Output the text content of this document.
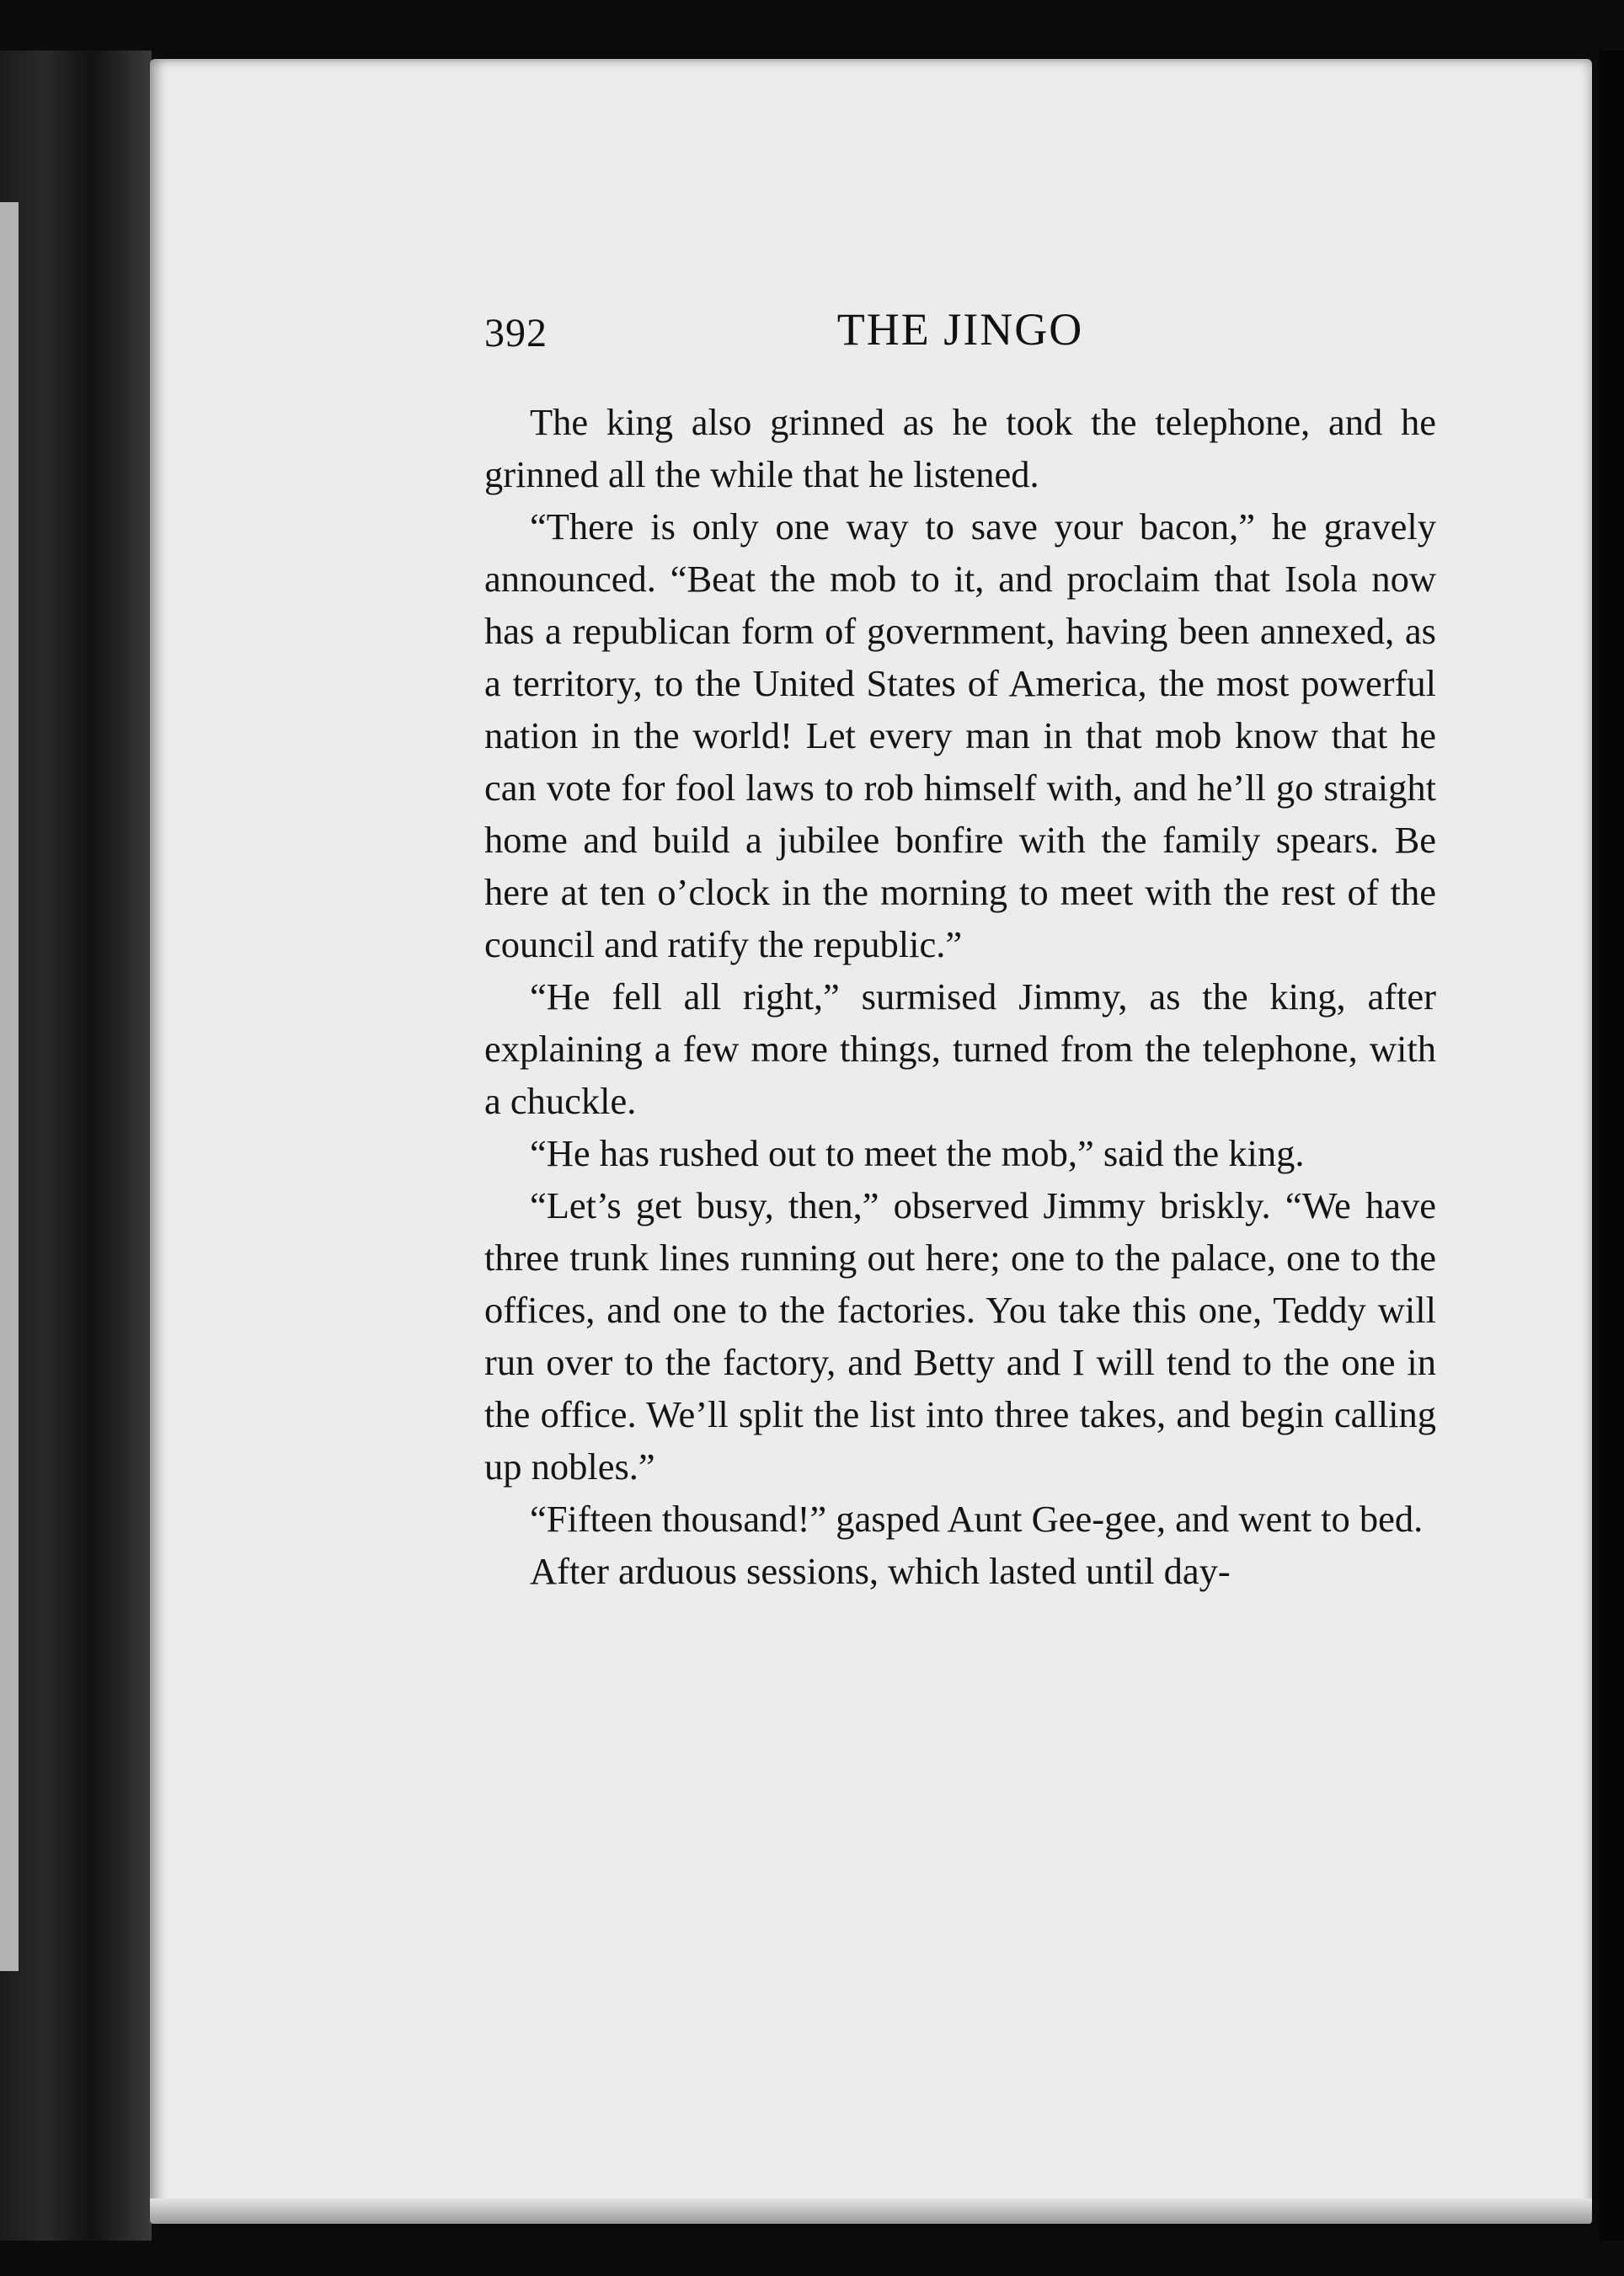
392	THE JINGO

The king also grinned as he took the telephone, and he grinned all the while that he listened.

“There is only one way to save your bacon,” he gravely announced. “Beat the mob to it, and proclaim that Isola now has a republican form of government, having been annexed, as a territory, to the United States of America, the most powerful nation in the world! Let every man in that mob know that he can vote for fool laws to rob himself with, and he’ll go straight home and build a jubilee bonfire with the family spears. Be here at ten o’clock in the morning to meet with the rest of the council and ratify the republic.”

“He fell all right,” surmised Jimmy, as the king, after explaining a few more things, turned from the telephone, with a chuckle.

“He has rushed out to meet the mob,” said the king.

“Let’s get busy, then,” observed Jimmy briskly. “We have three trunk lines running out here; one to the palace, one to the offices, and one to the factories. You take this one, Teddy will run over to the factory, and Betty and I will tend to the one in the office. We’ll split the list into three takes, and begin calling up nobles.”

“Fifteen thousand!” gasped Aunt Gee-gee, and went to bed.

After arduous sessions, which lasted until day-
